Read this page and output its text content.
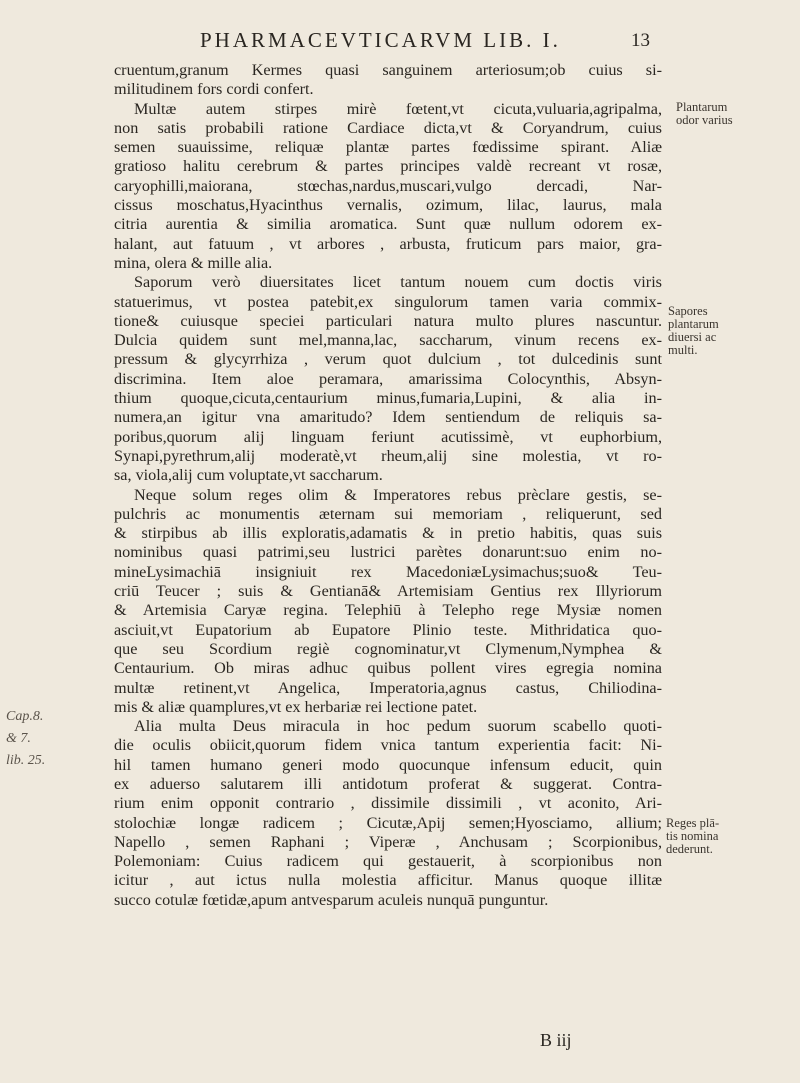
PHARMACEVTICARVM LIB. I.	13
cruentum,granum Kermes quasi sanguinem arteriosum;ob cuius si-
militudinem fors cordi confert.
Multæ autem stirpes mirè fœtent,vt cicuta,vuluaria,agripalma,
non satis probabili ratione Cardiace dicta,vt & Coryandrum, cuius
semen suauissime, reliquæ plantæ partes fœdissime spirant. Aliæ
gratioso halitu cerebrum & partes principes valdè recreant vt rosæ,
caryophilli,maiorana, stœchas,nardus,muscari,vulgo dercadi, Nar-
cissus moschatus,Hyacinthus vernalis, ozimum, lilac, laurus, mala
citria aurentia & similia aromatica. Sunt quæ nullum odorem ex-
halant, aut fatuum , vt arbores , arbusta, fruticum pars maior, gra-
mina, olera & mille alia.
Saporum verò diuersitates licet tantum nouem cum doctis viris
statuerimus, vt postea patebit,ex singulorum tamen varia commix-
tione& cuiusque speciei particulari natura multo plures nascuntur.
Dulcia quidem sunt mel,manna,lac, saccharum, vinum recens ex-
pressum & glycyrrhiza , verum quot dulcium , tot dulcedinis sunt
discrimina. Item aloe peramara, amarissima Colocynthis, Absyn-
thium quoque,cicuta,centaurium minus,fumaria,Lupini, & alia in-
numera,an igitur vna amaritudo? Idem sentiendum de reliquis sa-
poribus,quorum alij linguam feriunt acutissimè, vt euphorbium,
Synapi,pyrethrum,alij moderatè,vt rheum,alij sine molestia, vt ro-
sa, viola,alij cum voluptate,vt saccharum.
Neque solum reges olim & Imperatores rebus prèclare gestis, se-
pulchris ac monumentis æternam sui memoriam , reliquerunt, sed
& stirpibus ab illis exploratis,adamatis & in pretio habitis, quas suis
nominibus quasi patrimi,seu lustrici parètes donarunt:suo enim no-
mineLysimachiā insigniuit rex MacedoniæLysimachus;suo& Teu-
criū Teucer ; suis & Gentianā& Artemisiam Gentius rex Illyriorum
& Artemisia Caryæ regina. Telephiū à Telepho rege Mysiæ nomen
asciuit,vt Eupatorium ab Eupatore Plinio teste. Mithridatica quo-
que seu Scordium regiè cognominatur,vt Clymenum,Nymphea &
Centaurium. Ob miras adhuc quibus pollent vires egregia nomina
multæ retinent,vt Angelica, Imperatoria,agnus castus, Chiliodina-
mis & aliæ quamplures,vt ex herbariæ rei lectione patet.
Alia multa Deus miracula in hoc pedum suorum scabello quoti-
die oculis obiicit,quorum fidem vnica tantum experientia facit: Ni-
hil tamen humano generi modo quocunque infensum educit, quin
ex aduerso salutarem illi antidotum proferat & suggerat. Contra-
rium enim opponit contrario , dissimile dissimili , vt aconito, Ari-
stolochiæ longæ radicem ; Cicutæ,Apij semen;Hyosciamo, allium;
Napello , semen Raphani ; Viperæ , Anchusam ; Scorpionibus,
Polemoniam: Cuius radicem qui gestauerit, à scorpionibus non
icitur , aut ictus nulla molestia afficitur. Manus quoque illitæ
succo cotulæ fœtidæ,apum antvesparum aculeis nunquā punguntur.
Plantarum
odor varius
Sapores
plantarum
diuersi ac
multi.
Reges plā-
tis nomina
dederunt.
Cap.8.
& 7.
lib. 25.
B iij
